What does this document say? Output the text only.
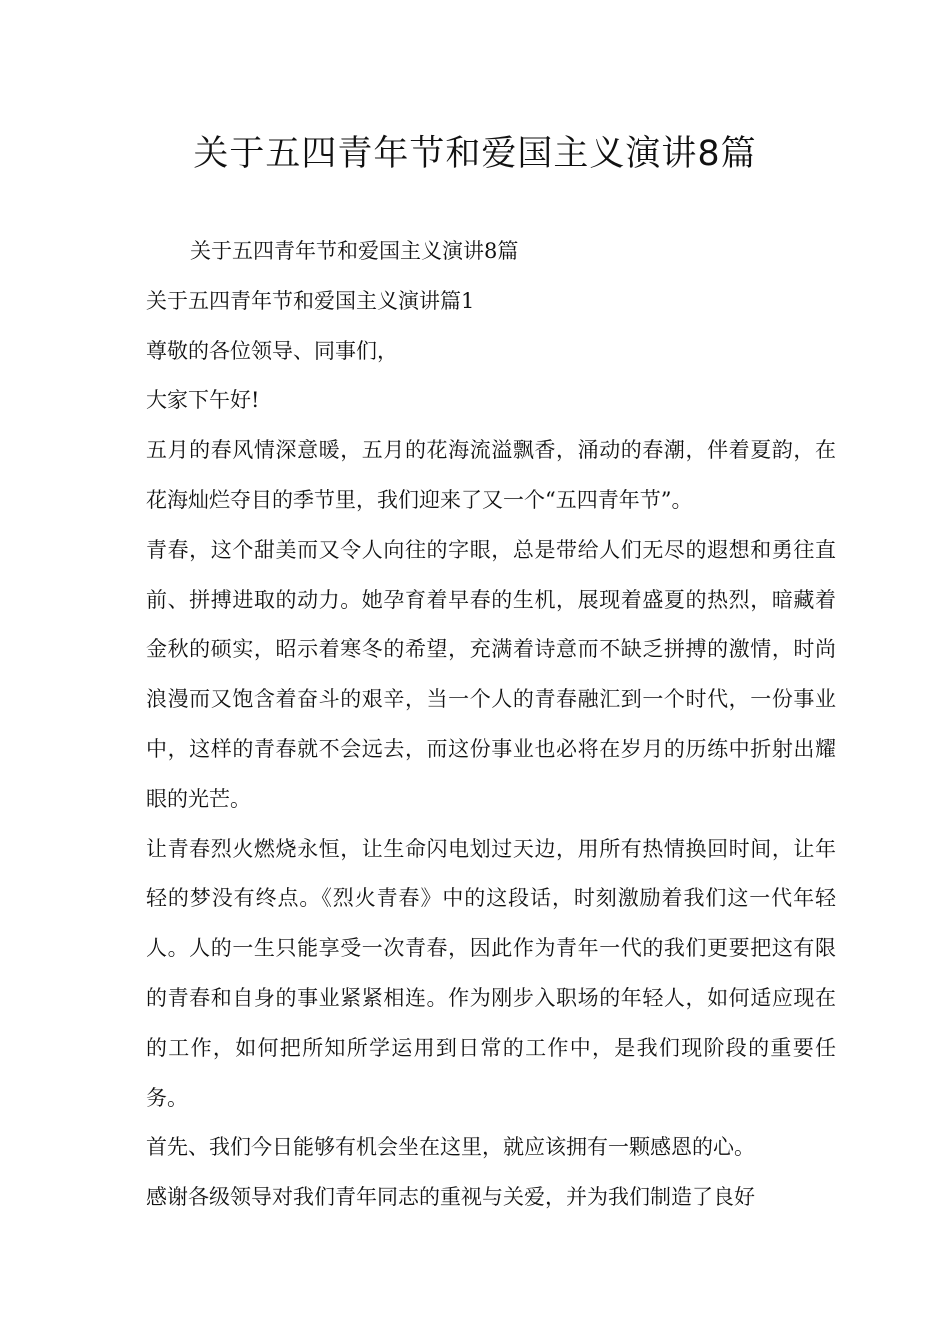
关于五四青年节和爱国主义演讲8篇

关于五四青年节和爱国主义演讲8篇

关于五四青年节和爱国主义演讲篇1

尊敬的各位领导、同事们，

大家下午好!

五月的春风情深意暖，五月的花海流溢飘香，涌动的春潮，伴着夏韵，在花海灿烂夺目的季节里，我们迎来了又一个“五四青年节”。

青春，这个甜美而又令人向往的字眼，总是带给人们无尽的遐想和勇往直前、拼搏进取的动力。她孕育着早春的生机，展现着盛夏的热烈，暗藏着金秋的硕实，昭示着寒冬的希望，充满着诗意而不缺乏拼搏的激情，时尚浪漫而又饱含着奋斗的艰辛，当一个人的青春融汇到一个时代，一份事业中，这样的青春就不会远去，而这份事业也必将在岁月的历练中折射出耀眼的光芒。

让青春烈火燃烧永恒，让生命闪电划过天边，用所有热情换回时间，让年轻的梦没有终点。《烈火青春》中的这段话，时刻激励着我们这一代年轻人。人的一生只能享受一次青春，因此作为青年一代的我们更要把这有限的青春和自身的事业紧紧相连。作为刚步入职场的年轻人，如何适应现在的工作，如何把所知所学运用到日常的工作中，是我们现阶段的重要任务。

首先、我们今日能够有机会坐在这里，就应该拥有一颗感恩的心。

感谢各级领导对我们青年同志的重视与关爱，并为我们制造了良好
